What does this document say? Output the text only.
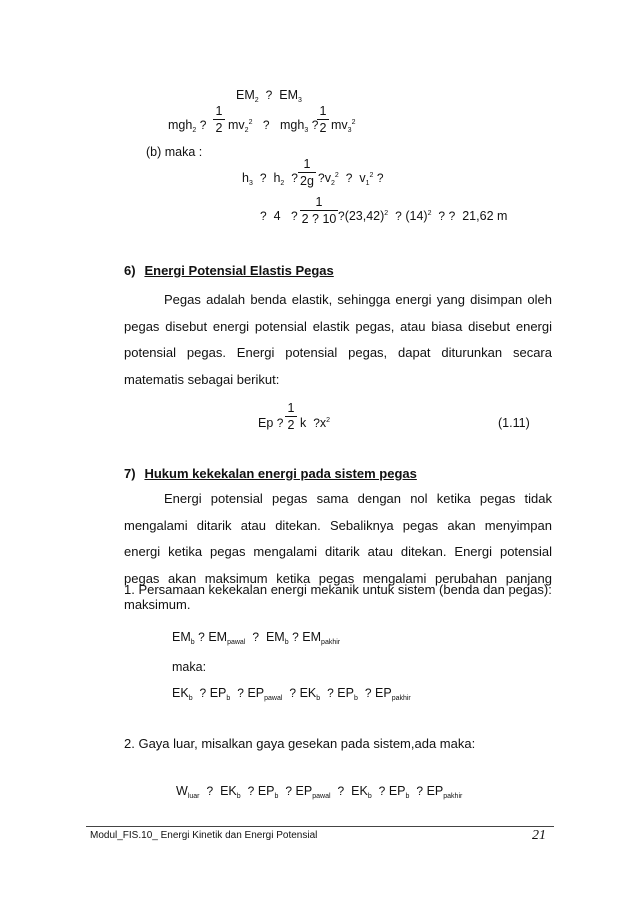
$EM_2$ ? $EM_3$
mgh$_2$ ?
1
2 $mv_2^2$ ? mgh$_3$ ?
1
2 $mv_3^2$
(b) maka :
$h_3$ ? $h_2$ ?
1
2g $?v_2^2$ ? $v_1^2$ ?
? 4 ?
1
2 ? 10 $?(23,42)^2$ ? $(14)^2$ ? ? 21,62 m
6) Energi Potensial Elastis Pegas
Pegas adalah benda elastik, sehingga energi yang disimpan oleh pegas disebut energi potensial elastik pegas, atau biasa disebut energi potensial pegas. Energi potensial pegas, dapat diturunkan secara matematis sebagai berikut:
Ep ?
1
2 k $?x^2$	(1.11)
7) Hukum kekekalan energi pada sistem pegas
Energi potensial pegas sama dengan nol ketika pegas tidak mengalami ditarik atau ditekan. Sebaliknya pegas akan menyimpan energi ketika pegas mengalami ditarik atau ditekan. Energi potensial pegas akan maksimum ketika pegas mengalami perubahan panjang maksimum.
1. Persamaan kekekalan energi mekanik untuk sistem (benda dan pegas):
$EM_b$ ? $EM_{pawal}$ ? $EM_b$ ? $EM_{pakhir}$
maka:
$EK_b$ ? $EP_b$ ? $EP_{pawal}$ ? $EK_b$ ? $EP_b$ ? $EP_{pakhir}$
2. Gaya luar, misalkan gaya gesekan pada sistem,ada maka:
$W_{luar}$ ? $EK_b$ ? $EP_b$ ? $EP_{pawal}$ ? $EK_b$ ? $EP_b$ ? $EP_{pakhir}$
Modul_FIS.10_ Energi Kinetik dan Energi Potensial	21
